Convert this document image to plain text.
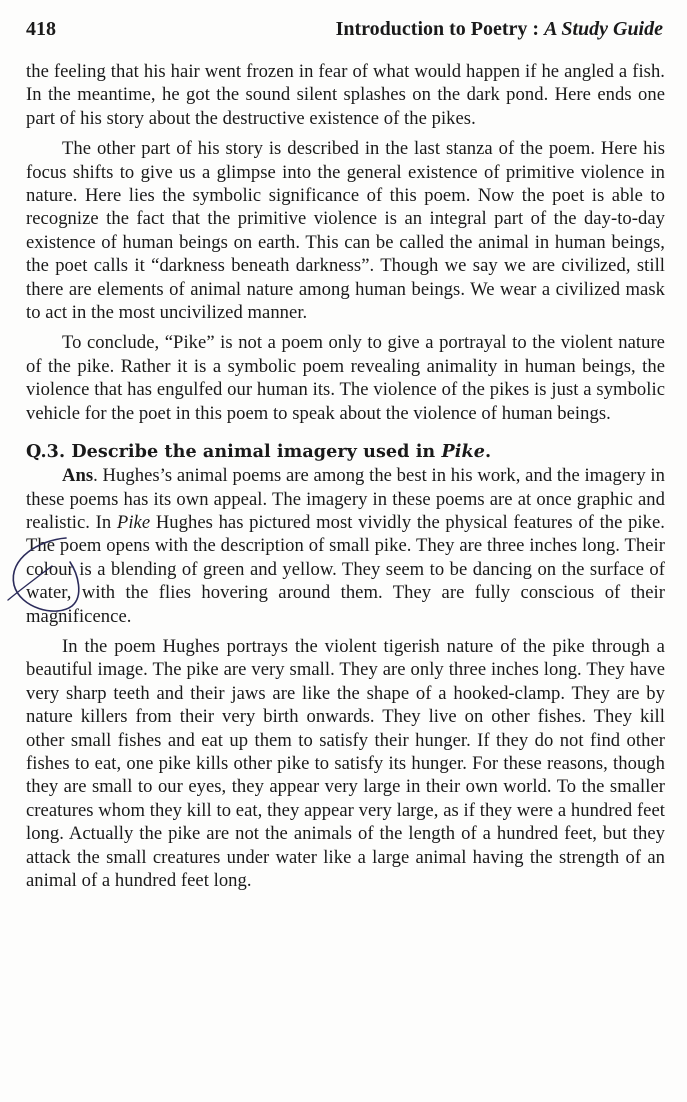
418	Introduction to Poetry : A Study Guide

the feeling that his hair went frozen in fear of what would happen if he angled a fish. In the meantime, he got the sound silent splashes on the dark pond. Here ends one part of his story about the destructive existence of the pikes.

The other part of his story is described in the last stanza of the poem. Here his focus shifts to give us a glimpse into the general existence of primitive violence in nature. Here lies the symbolic significance of this poem. Now the poet is able to recognize the fact that the primitive violence is an integral part of the day-to-day existence of human beings on earth. This can be called the animal in human beings, the poet calls it “darkness beneath darkness”. Though we say we are civilized, still there are elements of animal nature among human beings. We wear a civilized mask to act in the most uncivilized manner.

To conclude, “Pike” is not a poem only to give a portrayal to the violent nature of the pike. Rather it is a symbolic poem revealing animality in human beings, the violence that has engulfed our human its. The violence of the pikes is just a symbolic vehicle for the poet in this poem to speak about the violence of human beings.

Q.3. Describe the animal imagery used in Pike.

Ans. Hughes’s animal poems are among the best in his work, and the imagery in these poems has its own appeal. The imagery in these poems are at once graphic and realistic. In Pike Hughes has pictured most vividly the physical features of the pike. The poem opens with the description of small pike. They are three inches long. Their colour is a blending of green and yellow. They seem to be dancing on the surface of water, with the flies hovering around them. They are fully conscious of their magnificence.

In the poem Hughes portrays the violent tigerish nature of the pike through a beautiful image. The pike are very small. They are only three inches long. They have very sharp teeth and their jaws are like the shape of a hooked-clamp. They are by nature killers from their very birth onwards. They live on other fishes. They kill other small fishes and eat up them to satisfy their hunger. If they do not find other fishes to eat, one pike kills other pike to satisfy its hunger. For these reasons, though they are small to our eyes, they appear very large in their own world. To the smaller creatures whom they kill to eat, they appear very large, as if they were a hundred feet long. Actually the pike are not the animals of the length of a hundred feet, but they attack the small creatures under water like a large animal having the strength of an animal of a hundred feet long.
